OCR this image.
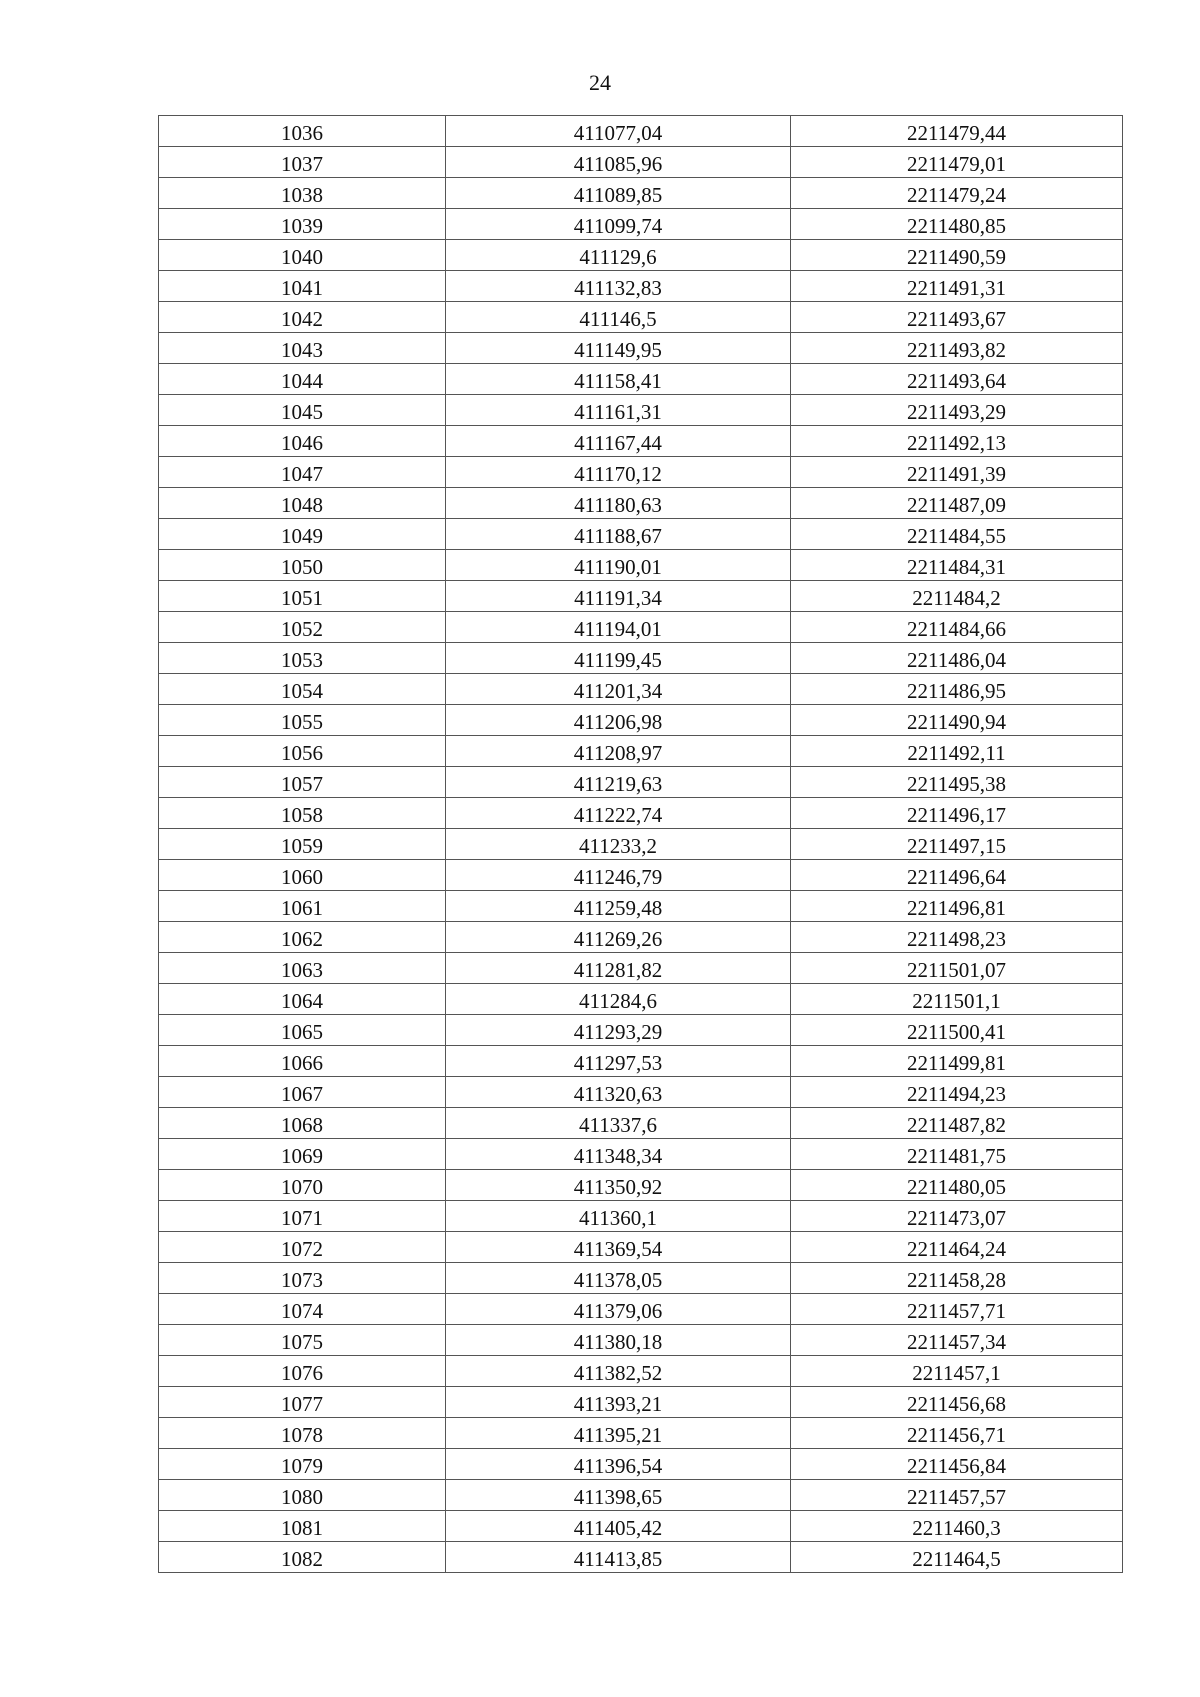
24
1036	411077,04	2211479,44
1037	411085,96	2211479,01
1038	411089,85	2211479,24
1039	411099,74	2211480,85
1040	411129,6	2211490,59
1041	411132,83	2211491,31
1042	411146,5	2211493,67
1043	411149,95	2211493,82
1044	411158,41	2211493,64
1045	411161,31	2211493,29
1046	411167,44	2211492,13
1047	411170,12	2211491,39
1048	411180,63	2211487,09
1049	411188,67	2211484,55
1050	411190,01	2211484,31
1051	411191,34	2211484,2
1052	411194,01	2211484,66
1053	411199,45	2211486,04
1054	411201,34	2211486,95
1055	411206,98	2211490,94
1056	411208,97	2211492,11
1057	411219,63	2211495,38
1058	411222,74	2211496,17
1059	411233,2	2211497,15
1060	411246,79	2211496,64
1061	411259,48	2211496,81
1062	411269,26	2211498,23
1063	411281,82	2211501,07
1064	411284,6	2211501,1
1065	411293,29	2211500,41
1066	411297,53	2211499,81
1067	411320,63	2211494,23
1068	411337,6	2211487,82
1069	411348,34	2211481,75
1070	411350,92	2211480,05
1071	411360,1	2211473,07
1072	411369,54	2211464,24
1073	411378,05	2211458,28
1074	411379,06	2211457,71
1075	411380,18	2211457,34
1076	411382,52	2211457,1
1077	411393,21	2211456,68
1078	411395,21	2211456,71
1079	411396,54	2211456,84
1080	411398,65	2211457,57
1081	411405,42	2211460,3
1082	411413,85	2211464,5
